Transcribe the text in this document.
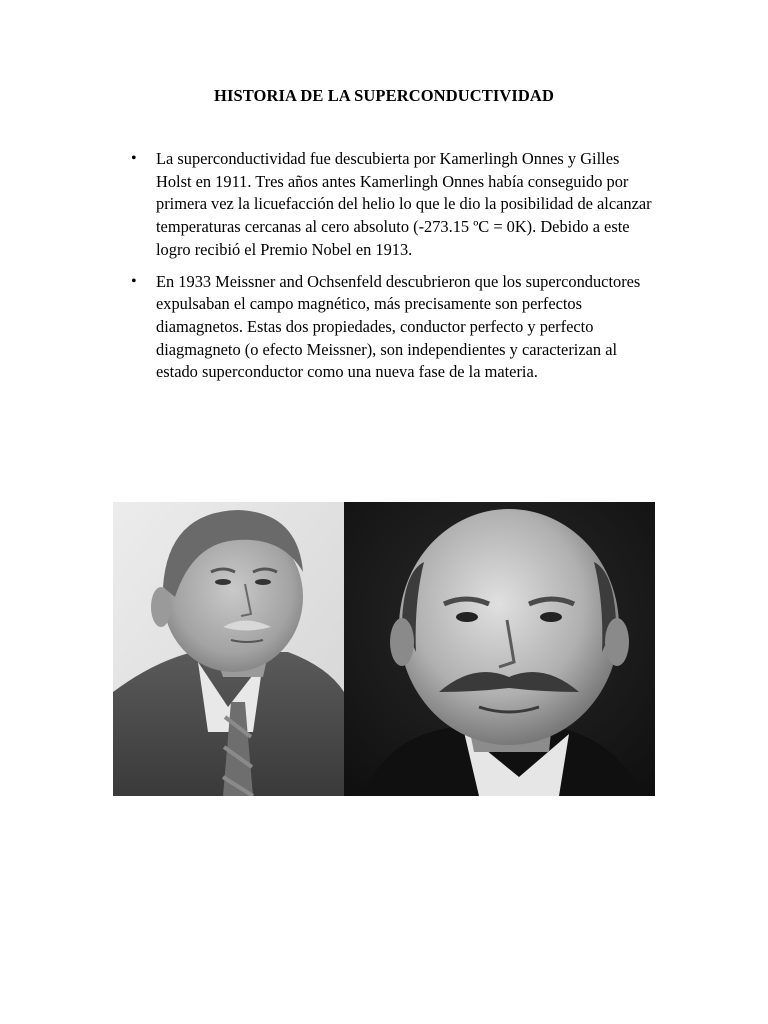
HISTORIA DE LA SUPERCONDUCTIVIDAD
• La superconductividad fue descubierta por Kamerlingh Onnes y Gilles Holst en 1911. Tres años antes Kamerlingh Onnes había conseguido por primera vez la licuefacción del helio lo que le dio la posibilidad de alcanzar temperaturas cercanas al cero absoluto (-273.15 ºC = 0K). Debido a este logro recibió el Premio Nobel en 1913.
• En 1933 Meissner and Ochsenfeld descubrieron que los superconductores expulsaban el campo magnético, más precisamente son perfectos diamagnetos. Estas dos propiedades, conductor perfecto y perfecto diagmagneto (o efecto Meissner), son independientes y caracterizan al estado superconductor como una nueva fase de la materia.
